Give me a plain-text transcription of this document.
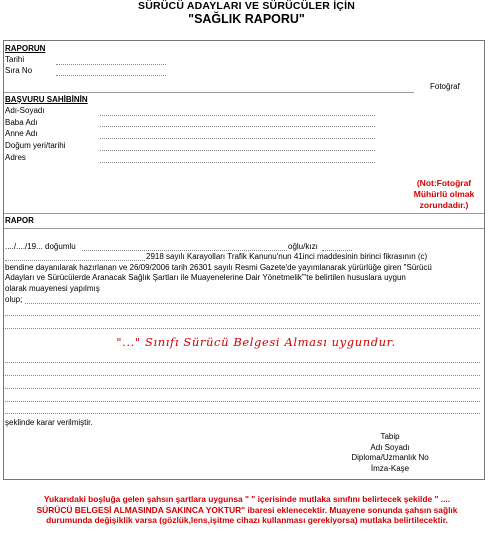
SÜRÜCÜ ADAYLARI VE SÜRÜCÜLER İÇİN
"SAĞLIK RAPORU"
RAPORUN
Tarihi
Sıra No
Fotoğraf
(Not:Fotoğraf Mühürlü olmak zorundadır.)
BAŞVURU SAHİBİNİN
Adı-Soyadı
Baba Adı
Anne Adı
Doğum yeri/tarihi
Adres
RAPOR
..../..../19... doğumlu	oğlu/kızı
2918 sayılı Karayolları Trafik Kanunu'nun 41inci maddesinin birinci fikrasının (c)
bendine dayanılarak hazırlanan ve 26/09/2006 tarih 26301 sayılı Resmi Gazete'de yayımlanarak yürürlüğe giren "Sürücü
Adayları ve Sürücülerde Aranacak Sağlık Şartları ile Muayenelerine Dair Yönetmelik"'te belirtilen hususlara uygun
olarak muayenesi yapılmış
olup;
"..." Sınıfı Sürücü Belgesi Alması uygundur.
şeklinde karar verilmiştir.
Tabip
Adı Soyadı
Diploma/Uzmanlık No
İmza-Kaşe
Yukarıdaki boşluğa gelen şahsın şartlara uygunsa " " içerisinde mutlaka sınıfını belirtecek şekilde " ....
SÜRÜCÜ BELGESİ ALMASINDA SAKINCA YOKTUR" ibaresi eklenecektir. Muayene sonunda şahsın sağlık
durumunda değişiklik varsa (gözlük,lens,işitme cihazı kullanması gerekiyorsa) mutlaka belirtilecektir.
